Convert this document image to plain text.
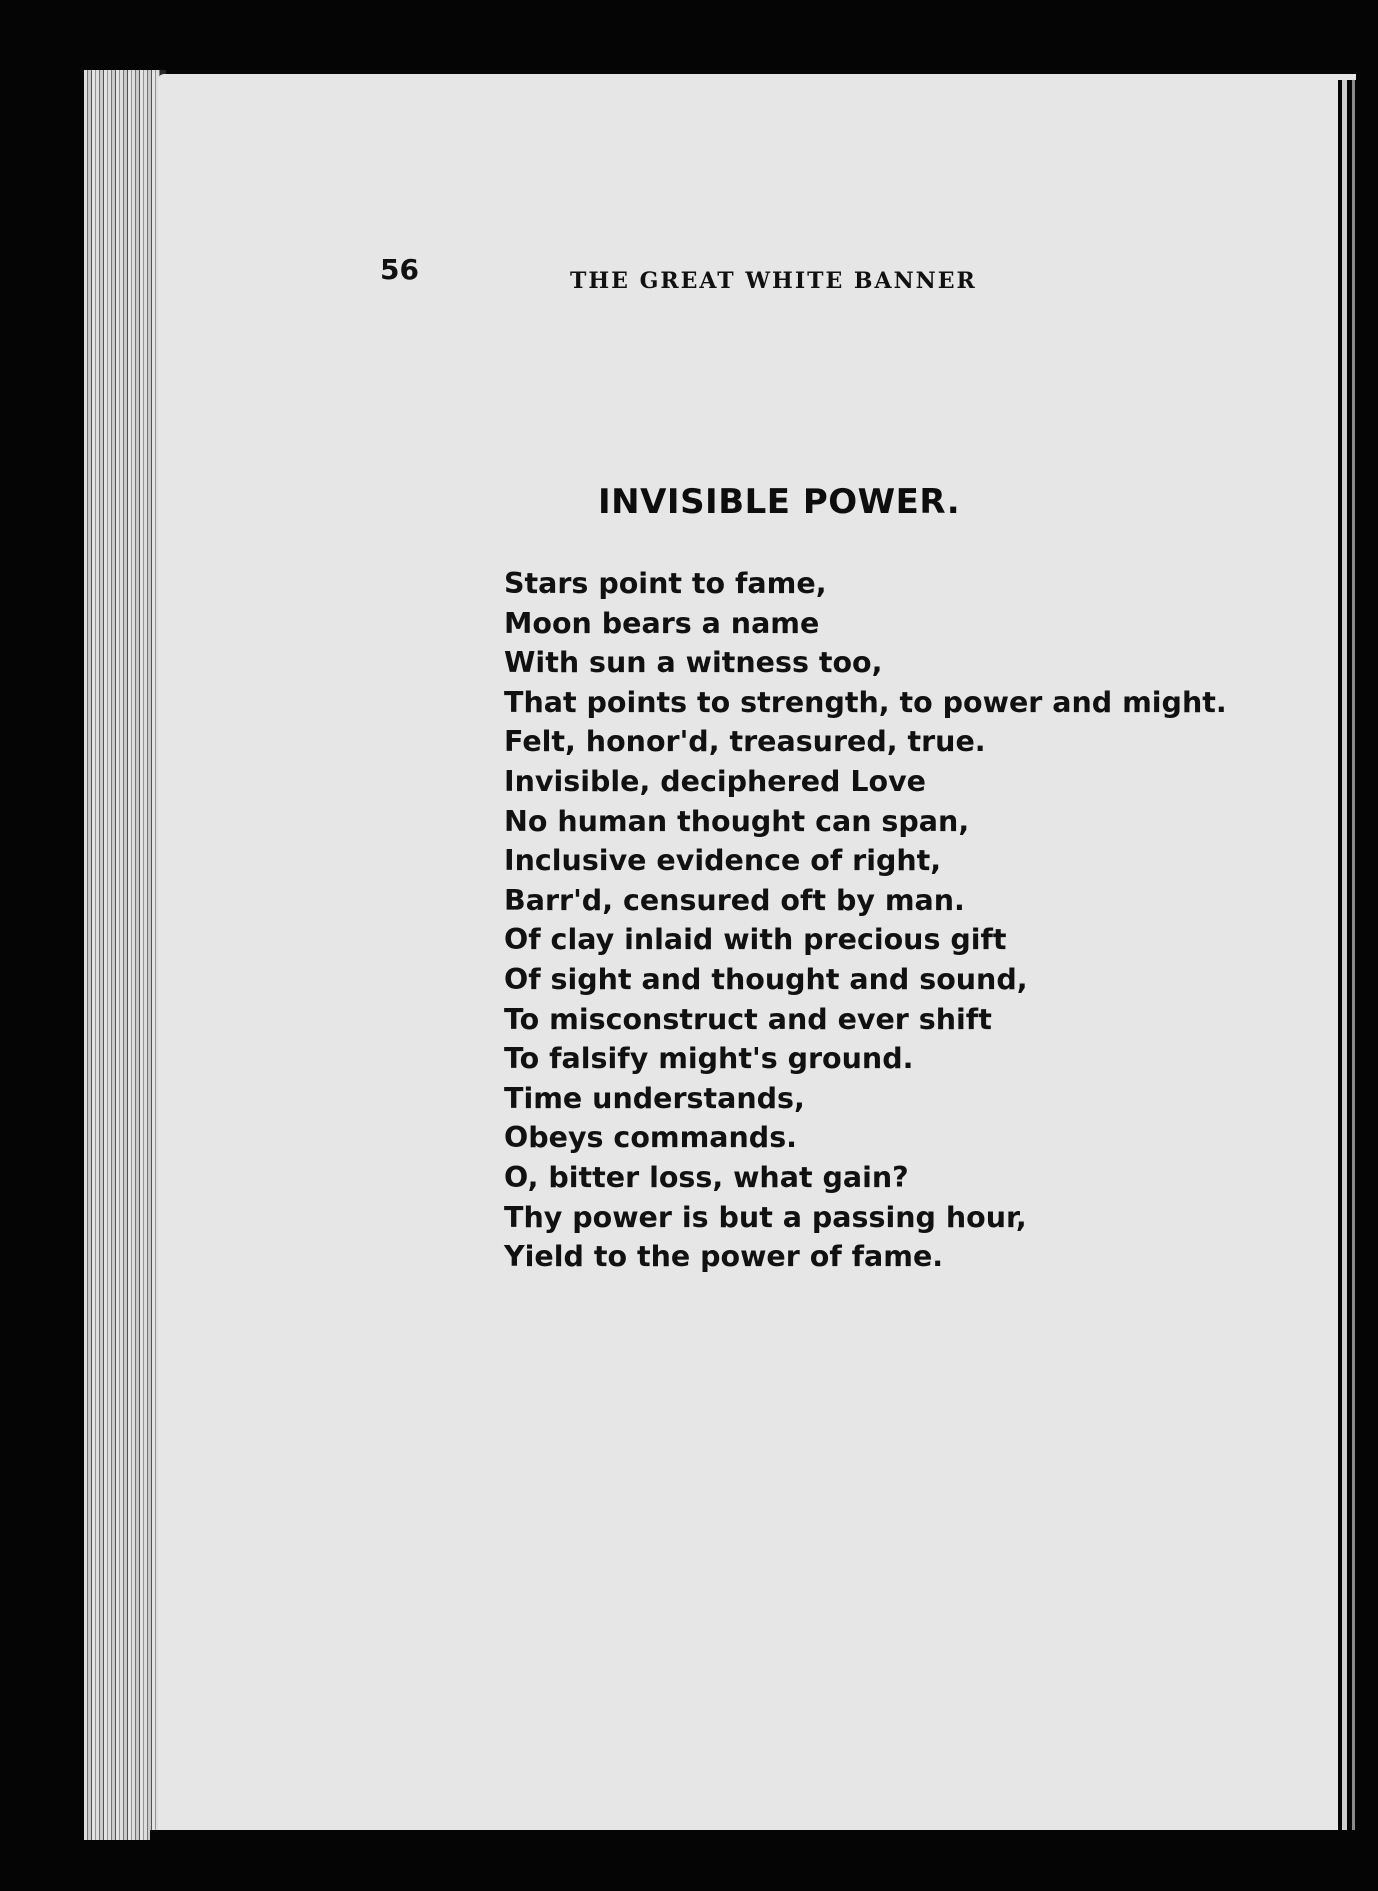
56	THE GREAT WHITE BANNER
INVISIBLE POWER.
Stars point to fame,
Moon bears a name
With sun a witness too,
That points to strength, to power and might.
Felt, honor'd, treasured, true.
Invisible, deciphered Love
No human thought can span,
Inclusive evidence of right,
Barr'd, censured oft by man.
Of clay inlaid with precious gift
Of sight and thought and sound,
To misconstruct and ever shift
To falsify might's ground.
Time understands,
Obeys commands.
O, bitter loss, what gain?
Thy power is but a passing hour,
Yield to the power of fame.
